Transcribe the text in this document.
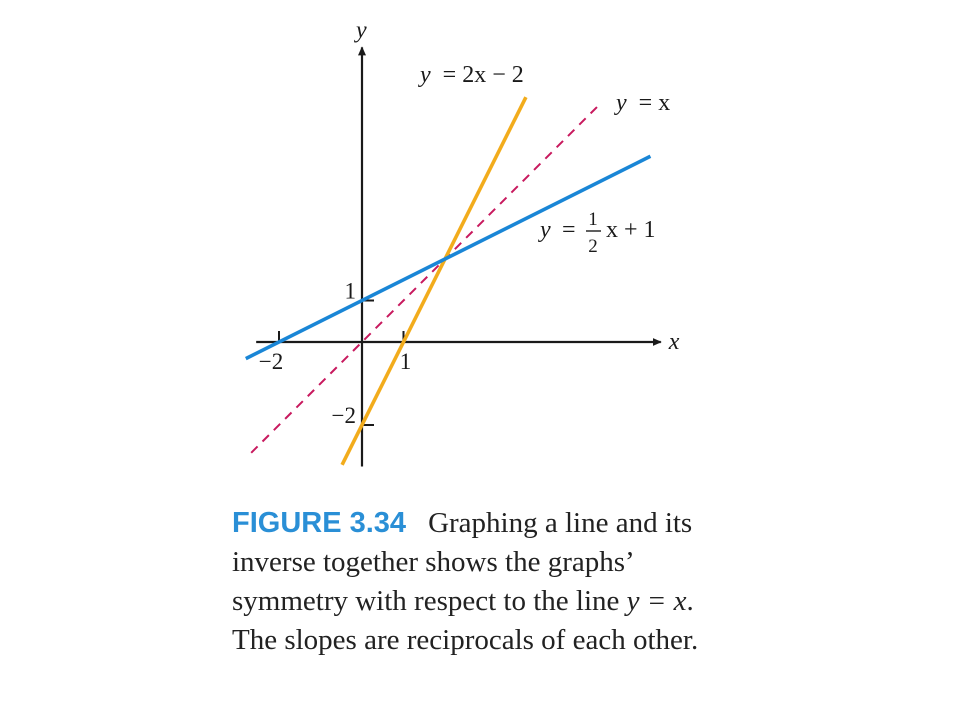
x
y
−2	1
1
−2
y = 2x − 2
y = x
y = 1
2
x + 1
FIGURE 3.34 Graphing a line and its
inverse together shows the graphs’
symmetry with respect to the line y = x.
The slopes are reciprocals of each other.
